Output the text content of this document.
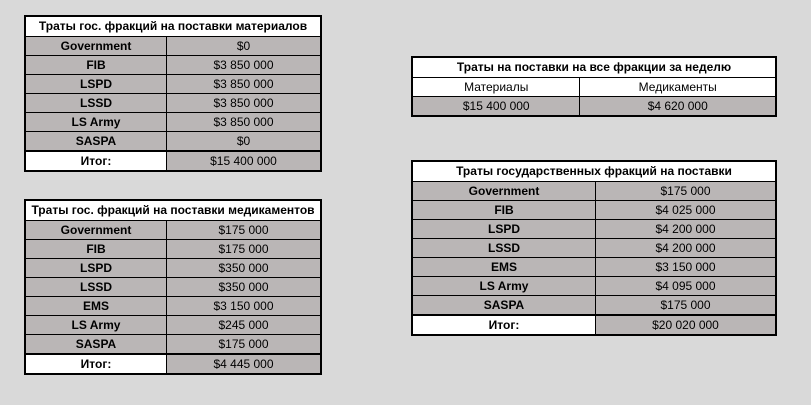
Траты гос. фракций на поставки материалов	
Government	$0
FIB	$3 850 000
LSPD	$3 850 000
LSSD	$3 850 000
LS Army	$3 850 000
SASPA	$0
Итог:	$15 400 000
Траты гос. фракций на поставки медикаментов	
Government	$175 000
FIB	$175 000
LSPD	$350 000
LSSD	$350 000
EMS	$3 150 000
LS Army	$245 000
SASPA	$175 000
Итог:	$4 445 000
Траты на поставки на все фракции за неделю	
Материалы	Медикаменты
$15 400 000	$4 620 000
Траты государственных фракций на поставки	
Government	$175 000
FIB	$4 025 000
LSPD	$4 200 000
LSSD	$4 200 000
EMS	$3 150 000
LS Army	$4 095 000
SASPA	$175 000
Итог:	$20 020 000
